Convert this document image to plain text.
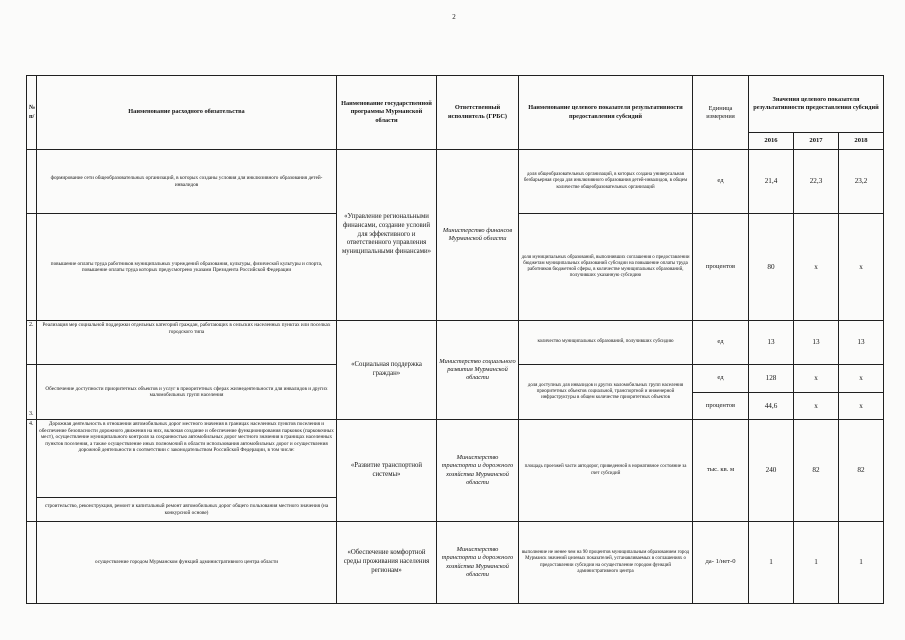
2
№ п/	Наименование расходного обязательства	Наименование государственной программы Мурманской области	Ответственный исполнитель (ГРБС)	Наименование целевого показателя результативности предоставления субсидий	Единица измерения	Значения целевого показателя результативности предоставления субсидий		
						2016	2017	2018
	формирование сети общеобразовательных организаций, в которых созданы условия для инклюзивного образования детей- инвалидов	«Управление региональными финансами, создание условий для эффективного и ответственного управления муниципальными финансами»	Министерство финансов Мурманской области	доля общеобразовательных организаций, в которых создана универсальная безбарьерная среда для инклюзивного образования детей-инвалидов, в общем количестве общеобразовательных организаций	ед	21,4	22,3	23,2
	повышение оплаты труда работников муниципальных учреждений образования, культуры, физической культуры и спорта, повышение оплаты труда которых предусмотрено указами Президента Российской Федерации			доля муниципальных образований, выполнивших соглашения о предоставлении бюджетам муниципальных образований субсидии на повышение оплаты труда работников бюджетной сферы, в количестве муниципальных образований, получивших указанную субсидию	процентов	80	х	х
2.	Реализация мер социальной поддержки отдельных категорий граждан, работающих в сельских населенных пунктах или поселках городского типа	«Социальная поддержка граждан»	Министерство социального развития Мурманской области	количество муниципальных образований, получивших субсидию	ед	13	13	13
3.	Обеспечение доступности приоритетных объектов и услуг в приоритетных сферах жизнедеятельности для инвалидов и других маломобильных групп населения			доля доступных для инвалидов и других маломобильных групп населения приоритетных объектов социальной, транспортной и инженерной инфраструктуры в общем количестве приоритетных объектов	ед	128	х	х
					процентов	44,6	х	х
4.	Дорожная деятельность в отношении автомобильных дорог местного значения в границах населенных пунктов поселения и обеспечение безопасности дорожного движения на них, включая создание и обеспечение функционирования парковок (парковочных мест), осуществление муниципального контроля за сохранностью автомобильных дорог местного значения в границах населенных пунктов поселения, а также осуществление иных полномочий в области использования автомобильных дорог и осуществления дорожной деятельности в соответствии с законодательством Российской Федерации, в том числе:	«Развитие транспортной системы»	Министерство транспорта и дорожного хозяйства Мурманской области	площадь проезжей части автодорог, приведенной в нормативное состояние за счет субсидий	тыс. кв. м	240	82	82
	строительство, реконструкция, ремонт и капитальный ремонт автомобильных дорог общего пользования местного значения (на конкурсной основе)							
	осуществление городом Мурманском функций административного центра области	«Обеспечение комфортной среды проживания населения регионам»	Министерство транспорта и дорожного хозяйства Мурманской области	выполнение не менее чем на 90 процентов муниципальным образованием город Мурманск значений целевых показателей, устанавливаемых в соглашениях о предоставлении субсидии на осуществление городом функций административного центра	да- 1/нет-0	1	1	1
